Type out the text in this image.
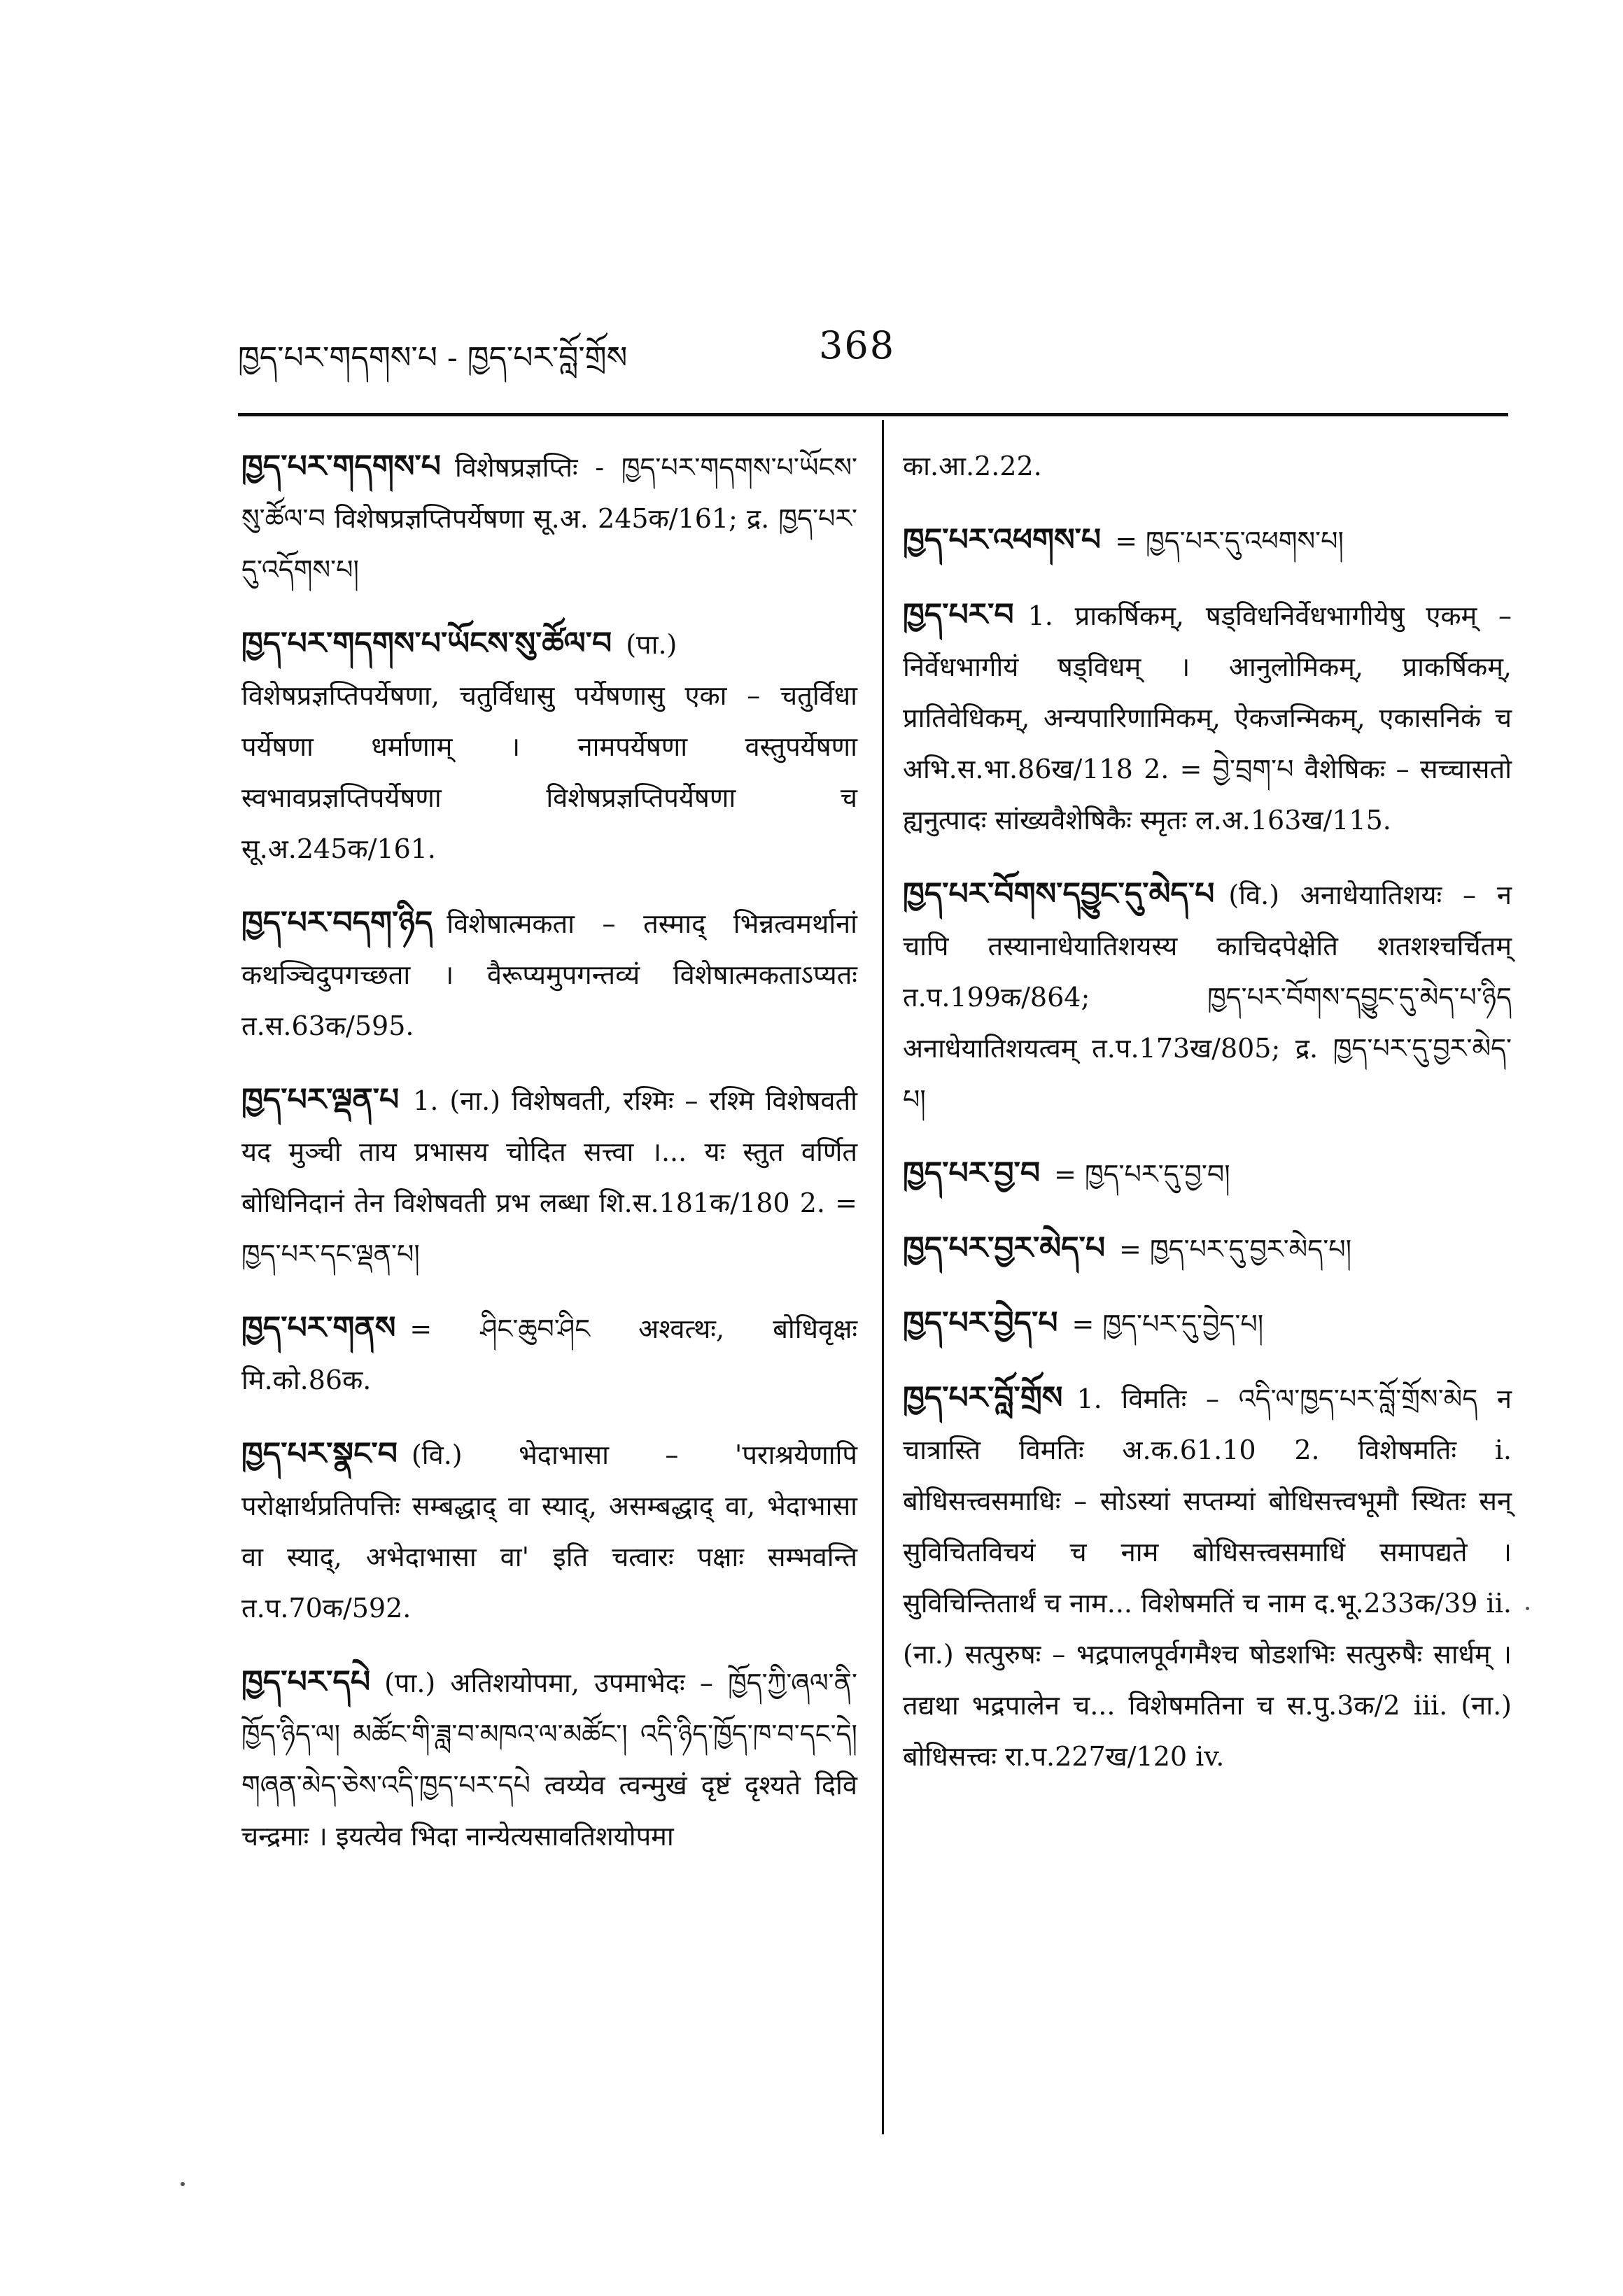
ཁྱད་པར་གདགས་པ - ཁྱད་པར་བློ་གྲོས	368
ཁྱད་པར་གདགས་པ विशेषप्रज्ञप्तिः - ཁྱད་པར་གདགས་པ་ཡོངས་སུ་ཚོལ་བ विशेषप्रज्ञप्तिपर्येषणा सू.अ. 245क/161; द्र. ཁྱད་པར་དུ་འདོགས་པ།
ཁྱད་པར་གདགས་པ་ཡོངས་སུ་ཚོལ་བ (पा.) विशेषप्रज्ञप्तिपर्येषणा, चतुर्विधासु पर्येषणासु एका – चतुर्विधा पर्येषणा धर्माणाम् । नामपर्येषणा वस्तुपर्येषणा स्वभावप्रज्ञप्तिपर्येषणा विशेषप्रज्ञप्तिपर्येषणा च सू.अ.245क/161.
ཁྱད་པར་བདག་ཉིད विशेषात्मकता – तस्माद् भिन्नत्वमर्थानां कथञ्चिदुपगच्छता । वैरूप्यमुपगन्तव्यं विशेषात्मकताऽप्यतः त.स.63क/595.
ཁྱད་པར་ལྡན་པ 1. (ना.) विशेषवती, रश्मिः – रश्मि विशेषवती यद मुञ्ची ताय प्रभासय चोदित सत्त्वा ।... यः स्तुत वर्णित बोधिनिदानं तेन विशेषवती प्रभ लब्धा शि.स.181क/180 2. = ཁྱད་པར་དང་ལྡན་པ།
ཁྱད་པར་གནས = ཤིང་ཆུབ་ཤིང अश्वत्थः, बोधिवृक्षः मि.को.86क.
ཁྱད་པར་སྣང་བ (वि.) भेदाभासा – 'पराश्रयेणापि परोक्षार्थप्रतिपत्तिः सम्बद्धाद् वा स्याद्, असम्बद्धाद् वा, भेदाभासा वा स्याद्, अभेदाभासा वा' इति चत्वारः पक्षाः सम्भवन्ति त.प.70क/592.
ཁྱད་པར་དཔེ (पा.) अतिशयोपमा, उपमाभेदः – ཁྱོད་ཀྱི་ཞལ་ནི་ཁྱོད་ཉིད་ལ། མཚོང་གི་ཟླ་བ་མཁའ་ལ་མཚོང་། འདི་ཉིད་ཁྱོད་ཁ་བ་དང་དེ། གཞན་མེད་ཅེས་འདི་ཁྱད་པར་དཔེ त्वय्येव त्वन्मुखं दृष्टं दृश्यते दिवि चन्द्रमाः । इयत्येव भिदा नान्येत्यसावतिशयोपमा
का.आ.2.22.
ཁྱད་པར་འཕགས་པ = ཁྱད་པར་དུ་འཕགས་པ།
ཁྱད་པར་བ 1. प्राकर्षिकम्, षड्विधनिर्वेधभागीयेषु एकम् – निर्वेधभागीयं षड्विधम् । आनुलोमिकम्, प्राकर्षिकम्, प्रातिवेधिकम्, अन्यपारिणामिकम्, ऐकजन्मिकम्, एकासनिकं च अभि.स.भा.86ख/118 2. = བྱེ་བྲག་པ वैशेषिकः – सच्चासतो ह्यनुत्पादः सांख्यवैशेषिकैः स्मृतः ल.अ.163ख/115.
ཁྱད་པར་བོགས་དབྱུང་དུ་མེད་པ (वि.) अनाधेयातिशयः – न चापि तस्यानाधेयातिशयस्य काचिदपेक्षेति शतशश्चर्चितम् त.प.199क/864; ཁྱད་པར་བོགས་དབྱུང་དུ་མེད་པ་ཉིད अनाधेयातिशयत्वम् त.प.173ख/805; द्र. ཁྱད་པར་དུ་བྱར་མེད་པ།
ཁྱད་པར་བྱ་བ = ཁྱད་པར་དུ་བྱ་བ།
ཁྱད་པར་བྱར་མེད་པ = ཁྱད་པར་དུ་བྱར་མེད་པ།
ཁྱད་པར་བྱེད་པ = ཁྱད་པར་དུ་བྱེད་པ།
ཁྱད་པར་བློ་གྲོས 1. विमतिः – འདི་ལ་ཁྱད་པར་བློ་གྲོས་མེད न चात्रास्ति विमतिः अ.क.61.10 2. विशेषमतिः i. बोधिसत्त्वसमाधिः – सोऽस्यां सप्तम्यां बोधिसत्त्वभूमौ स्थितः सन् सुविचितविचयं च नाम बोधिसत्त्वसमाधिं समापद्यते । सुविचिन्तितार्थं च नाम... विशेषमतिं च नाम द.भू.233क/39 ii. (ना.) सत्पुरुषः – भद्रपालपूर्वगमैश्च षोडशभिः सत्पुरुषैः सार्धम् । तद्यथा भद्रपालेन च... विशेषमतिना च स.पु.3क/2 iii. (ना.) बोधिसत्त्वः रा.प.227ख/120 iv.
